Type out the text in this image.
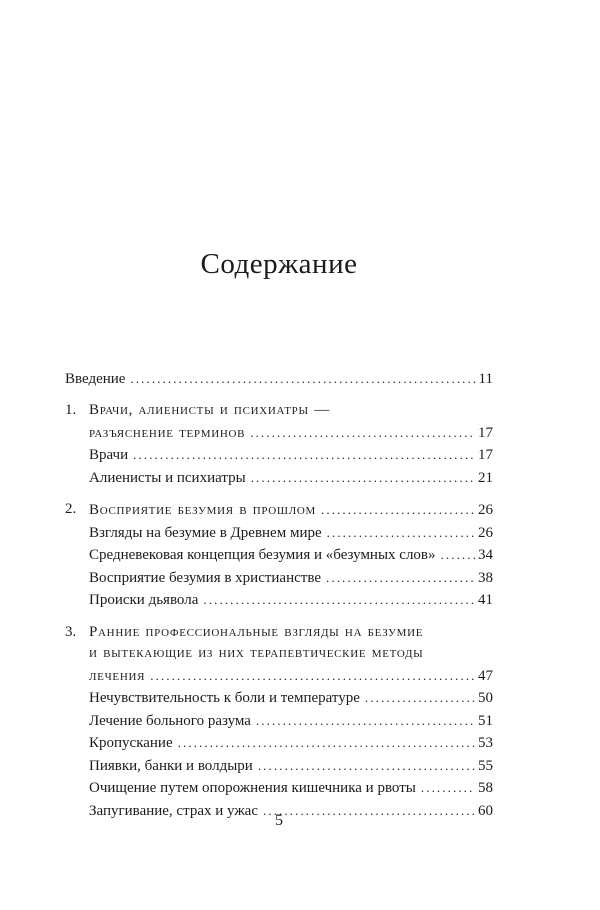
Содержание
Введение .....	11
1. Врачи, алиенисты и психиатры —
разъяснение терминов .....	17
Врачи .....	17
Алиенисты и психиатры .....	21
2. Восприятие безумия в прошлом .....	26
Взгляды на безумие в Древнем мире .....	26
Средневековая концепция безумия и «безумных слов» .....	34
Восприятие безумия в христианстве .....	38
Происки дьявола .....	41
3. Ранние профессиональные взгляды на безумие
и вытекающие из них терапевтические методы
лечения .....	47
Нечувствительность к боли и температуре .....	50
Лечение больного разума .....	51
Кропускание .....	53
Пиявки, банки и волдыри .....	55
Очищение путем опорожнения кишечника и рвоты .....	58
Запугивание, страх и ужас .....	60
5
